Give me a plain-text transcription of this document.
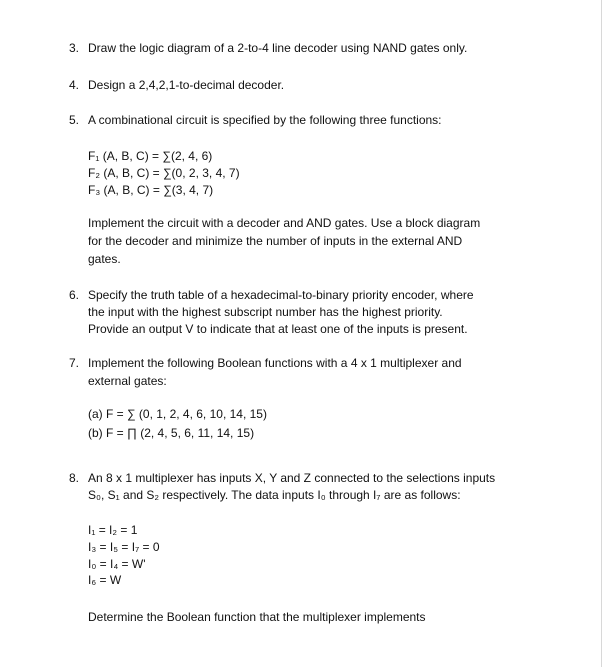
3. Draw the logic diagram of a 2-to-4 line decoder using NAND gates only.
4. Design a 2,4,2,1-to-decimal decoder.
5. A combinational circuit is specified by the following three functions:
F₁ (A, B, C) = ∑(2, 4, 6)
F₂ (A, B, C) = ∑(0, 2, 3, 4, 7)
F₃ (A, B, C) = ∑(3, 4, 7)
Implement the circuit with a decoder and AND gates. Use a block diagram
for the decoder and minimize the number of inputs in the external AND
gates.
6. Specify the truth table of a hexadecimal-to-binary priority encoder, where
the input with the highest subscript number has the highest priority.
Provide an output V to indicate that at least one of the inputs is present.
7. Implement the following Boolean functions with a 4 x 1 multiplexer and
external gates:
(a) F = ∑ (0, 1, 2, 4, 6, 10, 14, 15)
(b) F = ∏ (2, 4, 5, 6, 11, 14, 15)
8. An 8 x 1 multiplexer has inputs X, Y and Z connected to the selections inputs
S₀, S₁ and S₂ respectively. The data inputs I₀ through I₇ are as follows:
I₁ = I₂ = 1
I₃ = I₅ = I₇ = 0
I₀ = I₄ = W'
I₆ = W
Determine the Boolean function that the multiplexer implements
